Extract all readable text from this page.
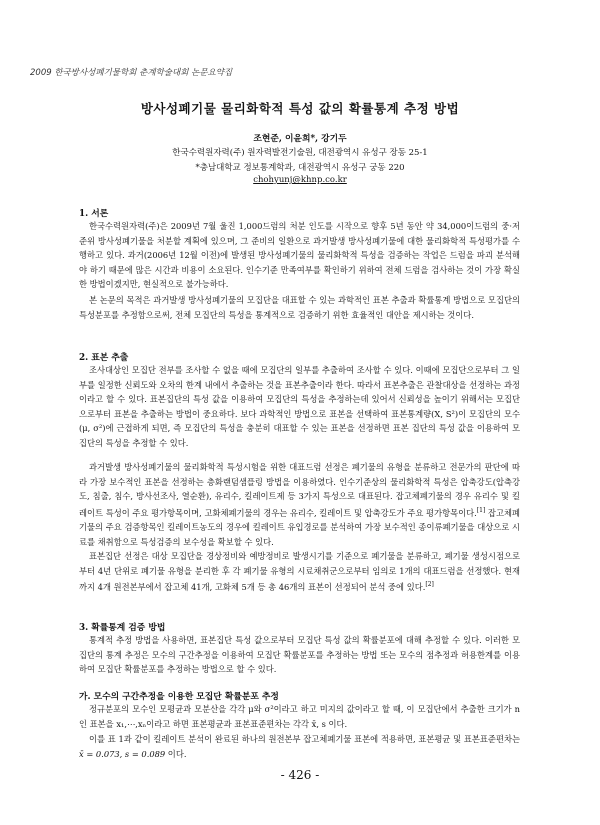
2009 한국방사성폐기물학회 춘계학술대회 논문요약집
방사성폐기물 물리화학적 특성 값의 확률통계 추정 방법
조현준, 이윤희*, 강기두
한국수력원자력(주) 원자력발전기술원, 대전광역시 유성구 장동 25-1
*충남대학교 정보통계학과, 대전광역시 유성구 궁동 220
chohyunj@khnp.co.kr
1. 서론

한국수력원자력(주)은 2009년 7월 울진 1,000드럼의 처분 인도를 시작으로 향후 5년 동안 약 34,000이드럼의 중·저준위 방사성폐기물을 처분할 계획에 있으며, 그 준비의 일환으로 과거발생 방사성폐기물에 대한 물리화학적 특성평가를 수행하고 있다. 과거(2006년 12월 이전)에 발생된 방사성폐기물의 물리화학적 특성을 검증하는 작업은 드럼을 파괴 분석해야 하기 때문에 많은 시간과 비용이 소요된다. 인수기준 만족여부를 확인하기 위하여 전체 드럼을 검사하는 것이 가장 확실한 방법이겠지만, 현실적으로 불가능하다.

본 논문의 목적은 과거발생 방사성폐기물의 모집단을 대표할 수 있는 과학적인 표본 추출과 확률통계 방법으로 모집단의 특성분포를 추정함으로써, 전체 모집단의 특성을 통계적으로 검증하기 위한 효율적인 대안을 제시하는 것이다.

2. 표본 추출

조사대상인 모집단 전부를 조사할 수 없을 때에 모집단의 일부를 추출하여 조사할 수 있다. 이때에 모집단으로부터 그 일부를 일정한 신뢰도와 오차의 한계 내에서 추출하는 것을 표본추출이라 한다. 따라서 표본추출은 관찰대상을 선정하는 과정이라고 할 수 있다. 표본집단의 특성 값을 이용하여 모집단의 특성을 추정하는데 있어서 신뢰성을 높이기 위해서는 모집단으로부터 표본을 추출하는 방법이 중요하다. 보다 과학적인 방법으로 표본을 선택하여 표본통계량(X, S²)이 모집단의 모수(μ, σ²)에 근접하게 되면, 즉 모집단의 특성을 충분히 대표할 수 있는 표본을 선정하면 표본 집단의 특성 값을 이용하여 모집단의 특성을 추정할 수 있다.

과거발생 방사성폐기물의 물리화학적 특성시험을 위한 대표드럼 선정은 폐기물의 유형을 분류하고 전문가의 판단에 따라 가장 보수적인 표본을 선정하는 층화랜덤샘플링 방법을 이용하였다. 인수기준상의 물리화학적 특성은 압축강도(압축강도, 침출, 침수, 방사선조사, 열순환), 유리수, 킬레이트제 등 3가지 특성으로 대표된다. 잡고체폐기물의 경우 유리수 및 킬레이트 특성이 주요 평가항목이며, 고화체폐기물의 경우는 유리수, 킬레이트 및 압축강도가 주요 평가항목이다.[1] 잡고체폐기물의 주요 검증항목인 킬레이트농도의 경우에 킬레이트 유입경로를 분석하여 가장 보수적인 종이류폐기물을 대상으로 시료를 채취함으로 특성검증의 보수성을 확보할 수 있다.

표본집단 선정은 대상 모집단을 경상정비와 예방정비로 발생시기를 기준으로 폐기물을 분류하고, 폐기물 생성시점으로부터 4년 단위로 폐기물 유형을 분리한 후 각 폐기물 유형의 시료채취군으로부터 임의로 1개의 대표드럼을 선정했다. 현재까지 4개 원전본부에서 잡고체 41개, 고화체 5개 등 총 46개의 표본이 선정되어 분석 중에 있다.[2]

3. 확률통계 검증 방법

통계적 추정 방법을 사용하면, 표본집단 특성 값으로부터 모집단 특성 값의 확률분포에 대해 추정할 수 있다. 이러한 모집단의 통계 추정은 모수의 구간추정을 이용하여 모집단 확률분포를 추정하는 방법 또는 모수의 점추정과 허용한계를 이용하여 모집단 확률분포를 추정하는 방법으로 할 수 있다.

가. 모수의 구간추정을 이용한 모집단 확률분포 추정

정규분포의 모수인 모평균과 모분산을 각각 μ와 σ²이라고 하고 미지의 값이라고 할 때, 이 모집단에서 추출한 크기가 n인 표본을 x₁,⋯,xₙ이라고 하면 표본평균과 표본표준편차는 각각 x̄, s 이다.

이를 표 1과 같이 킬레이트 분석이 완료된 하나의 원전본부 잡고체폐기물 표본에 적용하면, 표본평균 및 표본표준편차는 x̄ = 0.073, s = 0.089 이다.

- 426 -
